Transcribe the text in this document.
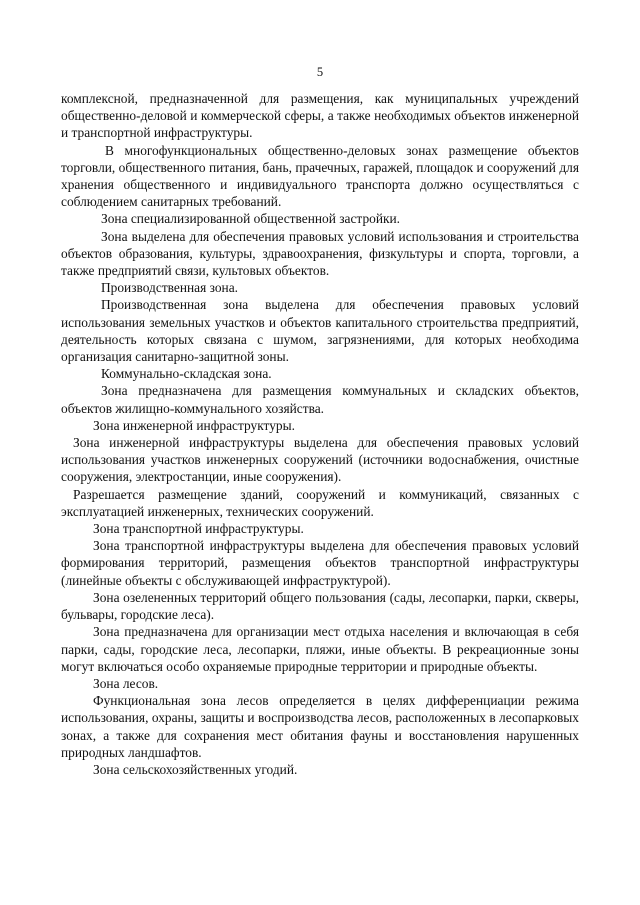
5

комплексной, предназначенной для размещения, как муниципальных учреждений общественно-деловой и коммерческой сферы, а также необходимых объектов инженерной и транспортной инфраструктуры.

В многофункциональных общественно-деловых зонах размещение объектов торговли, общественного питания, бань, прачечных, гаражей, площадок и сооружений для хранения общественного и индивидуального транспорта должно осуществляться с соблюдением санитарных требований.

Зона специализированной общественной застройки.

Зона выделена для обеспечения правовых условий использования и строительства объектов образования, культуры, здравоохранения, физкультуры и спорта, торговли, а также предприятий связи, культовых объектов.

Производственная зона.

Производственная зона выделена для обеспечения правовых условий использования земельных участков и объектов капитального строительства предприятий, деятельность которых связана с шумом, загрязнениями, для которых необходима организация санитарно-защитной зоны.

Коммунально-складская зона.

Зона предназначена для размещения коммунальных и складских объектов, объектов жилищно-коммунального хозяйства.

Зона инженерной инфраструктуры.

Зона инженерной инфраструктуры выделена для обеспечения правовых условий использования участков инженерных сооружений (источники водоснабжения, очистные сооружения, электростанции, иные сооружения).

Разрешается размещение зданий, сооружений и коммуникаций, связанных с эксплуатацией инженерных, технических сооружений.

Зона транспортной инфраструктуры.

Зона транспортной инфраструктуры выделена для обеспечения правовых условий формирования территорий, размещения объектов транспортной инфраструктуры (линейные объекты с обслуживающей инфраструктурой).

Зона озелененных территорий общего пользования (сады, лесопарки, парки, скверы, бульвары, городские леса).

Зона предназначена для организации мест отдыха населения и включающая в себя парки, сады, городские леса, лесопарки, пляжи, иные объекты. В рекреационные зоны могут включаться особо охраняемые природные территории и природные объекты.

Зона лесов.

Функциональная зона лесов определяется в целях дифференциации режима использования, охраны, защиты и воспроизводства лесов, расположенных в лесопарковых зонах, а также для сохранения мест обитания фауны и восстановления нарушенных природных ландшафтов.

Зона сельскохозяйственных угодий.
